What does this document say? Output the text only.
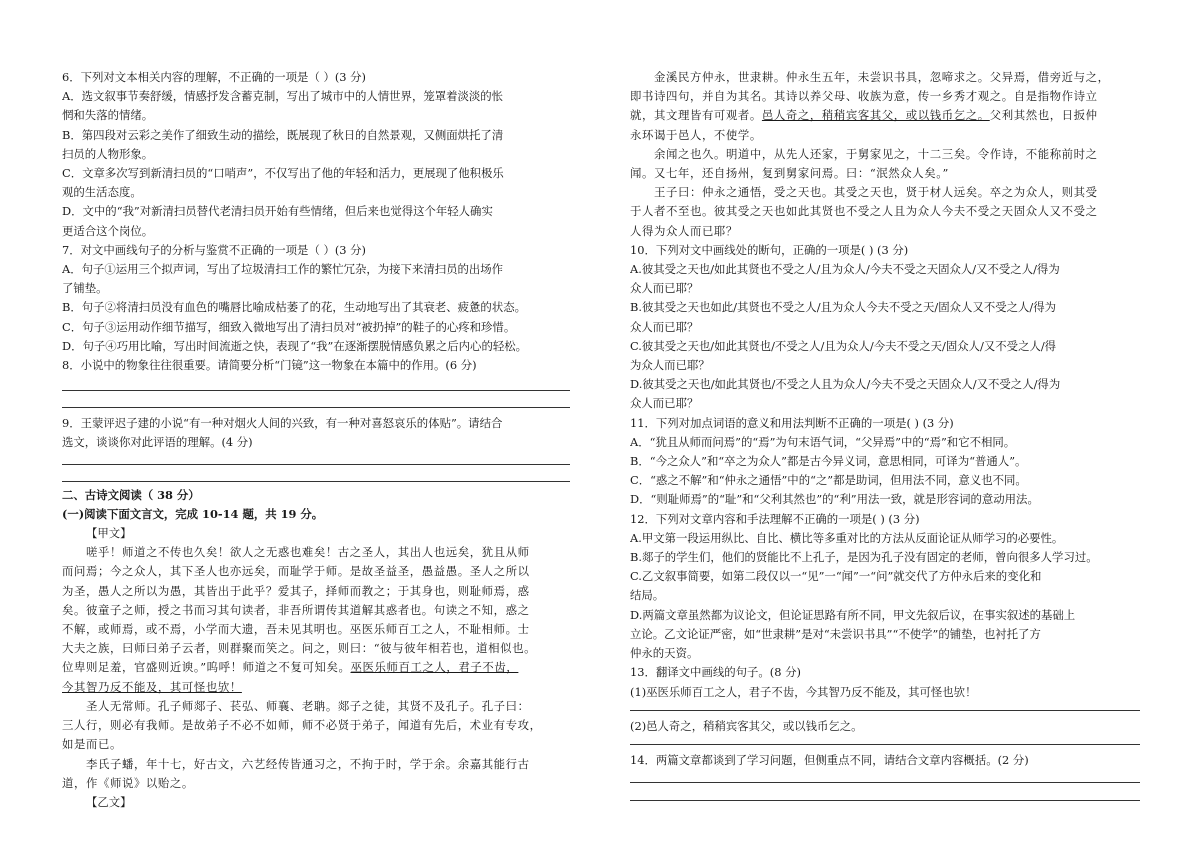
6．下列对文本相关内容的理解，不正确的一项是（ ）(3 分)
A．选文叙事节奏舒缓，情感抒发含蓄克制，写出了城市中的人情世界，笼罩着淡淡的怅
惘和失落的情绪。
B．第四段对云彩之美作了细致生动的描绘，既展现了秋日的自然景观，又侧面烘托了清
扫员的人物形象。
C．文章多次写到新清扫员的“口哨声”，不仅写出了他的年轻和活力，更展现了他积极乐
观的生活态度。
D．文中的“我”对新清扫员替代老清扫员开始有些情绪，但后来也觉得这个年轻人确实
更适合这个岗位。
7．对文中画线句子的分析与鉴赏不正确的一项是（ ）(3 分)
A．句子①运用三个拟声词，写出了垃圾清扫工作的繁忙冗杂，为接下来清扫员的出场作
了铺垫。
B．句子②将清扫员没有血色的嘴唇比喻成枯萎了的花，生动地写出了其衰老、疲惫的状态。
C．句子③运用动作细节描写，细致入微地写出了清扫员对“被扔掉”的鞋子的心疼和珍惜。
D．句子④巧用比喻，写出时间流逝之快，表现了“我”在逐渐摆脱情感负累之后内心的轻松。
8．小说中的物象往往很重要。请简要分析“门镜”这一物象在本篇中的作用。(6 分)
9．王蒙评迟子建的小说“有一种对烟火人间的兴致，有一种对喜怒哀乐的体贴”。请结合
选文，谈谈你对此评语的理解。(4 分)
二、古诗文阅读（ 38 分）
(一)阅读下面文言文，完成 10-14 题，共 19 分。
【甲文】
嗟乎！师道之不传也久矣！欲人之无惑也难矣！古之圣人，其出人也远矣，犹且从师
而问焉；今之众人，其下圣人也亦远矣，而耻学于师。是故圣益圣，愚益愚。圣人之所以
为圣，愚人之所以为愚，其皆出于此乎？爱其子，择师而教之；于其身也，则耻师焉，惑
矣。彼童子之师，授之书而习其句读者，非吾所谓传其道解其惑者也。句读之不知，惑之
不解，或师焉，或不焉，小学而大遗，吾未见其明也。巫医乐师百工之人，不耻相师。士
大夫之族，曰师曰弟子云者，则群聚而笑之。问之，则曰：“彼与彼年相若也，道相似也。
位卑则足羞，官盛则近谀。”呜呼！师道之不复可知矣。巫医乐师百工之人，君子不齿，
今其智乃反不能及，其可怪也欤！
圣人无常师。孔子师郯子、苌弘、师襄、老聃。郯子之徒，其贤不及孔子。孔子曰：
三人行，则必有我师。是故弟子不必不如师，师不必贤于弟子，闻道有先后，术业有专攻，
如是而已。
李氏子蟠，年十七，好古文，六艺经传皆通习之，不拘于时，学于余。余嘉其能行古
道，作《师说》以贻之。
【乙文】
金溪民方仲永，世隶耕。仲永生五年，未尝识书具，忽啼求之。父异焉，借旁近与之，
即书诗四句，并自为其名。其诗以养父母、收族为意，传一乡秀才观之。自是指物作诗立
就，其文理皆有可观者。邑人奇之，稍稍宾客其父，或以钱币乞之。父利其然也，日扳仲
永环谒于邑人，不使学。
余闻之也久。明道中，从先人还家，于舅家见之，十二三矣。令作诗，不能称前时之
闻。又七年，还自扬州，复到舅家问焉。曰：“泯然众人矣。”
王子曰：仲永之通悟，受之天也。其受之天也，贤于材人远矣。卒之为众人，则其受
于人者不至也。彼其受之天也如此其贤也不受之人且为众人今夫不受之天固众人又不受之
人得为众人而已耶？
10．下列对文中画线处的断句，正确的一项是( ) (3 分)
A.彼其受之天也/如此其贤也不受之人/且为众人/今夫不受之天固众人/又不受之人/得为
众人而已耶？
B.彼其受之天也如此/其贤也不受之人/且为众人今夫不受之天/固众人又不受之人/得为
众人而已耶？
C.彼其受之天也/如此其贤也/不受之人/且为众人/今夫不受之天/固众人/又不受之人/得
为众人而已耶？
D.彼其受之天也/如此其贤也/不受之人且为众人/今夫不受之天固众人/又不受之人/得为
众人而已耶？
11．下列对加点词语的意义和用法判断不正确的一项是( ) (3 分)
A．“犹且从师而问焉”的“焉”为句末语气词，“父异焉”中的“焉”和它不相同。
B．“今之众人”和“卒之为众人”都是古今异义词，意思相同，可译为“普通人”。
C．“惑之不解”和“仲永之通悟”中的“之”都是助词，但用法不同，意义也不同。
D．“则耻师焉”的“耻”和“父利其然也”的“利”用法一致，就是形容词的意动用法。
12．下列对文章内容和手法理解不正确的一项是( ) (3 分)
A.甲文第一段运用纵比、自比、横比等多重对比的方法从反面论证从师学习的必要性。
B.郯子的学生们，他们的贤能比不上孔子，是因为孔子没有固定的老师，曾向很多人学习过。
C.乙文叙事简要，如第二段仅以一“见”一“闻”一“问”就交代了方仲永后来的变化和
结局。
D.两篇文章虽然都为议论文，但论证思路有所不同，甲文先叙后议，在事实叙述的基础上
立论。乙文论证严密，如“世隶耕”是对“未尝识书具”“不使学”的铺垫，也衬托了方
仲永的天资。
13．翻译文中画线的句子。(8 分)
(1)巫医乐师百工之人，君子不齿，今其智乃反不能及，其可怪也欤！
(2)邑人奇之，稍稍宾客其父，或以钱币乞之。
14．两篇文章都谈到了学习问题，但侧重点不同，请结合文章内容概括。(2 分)
